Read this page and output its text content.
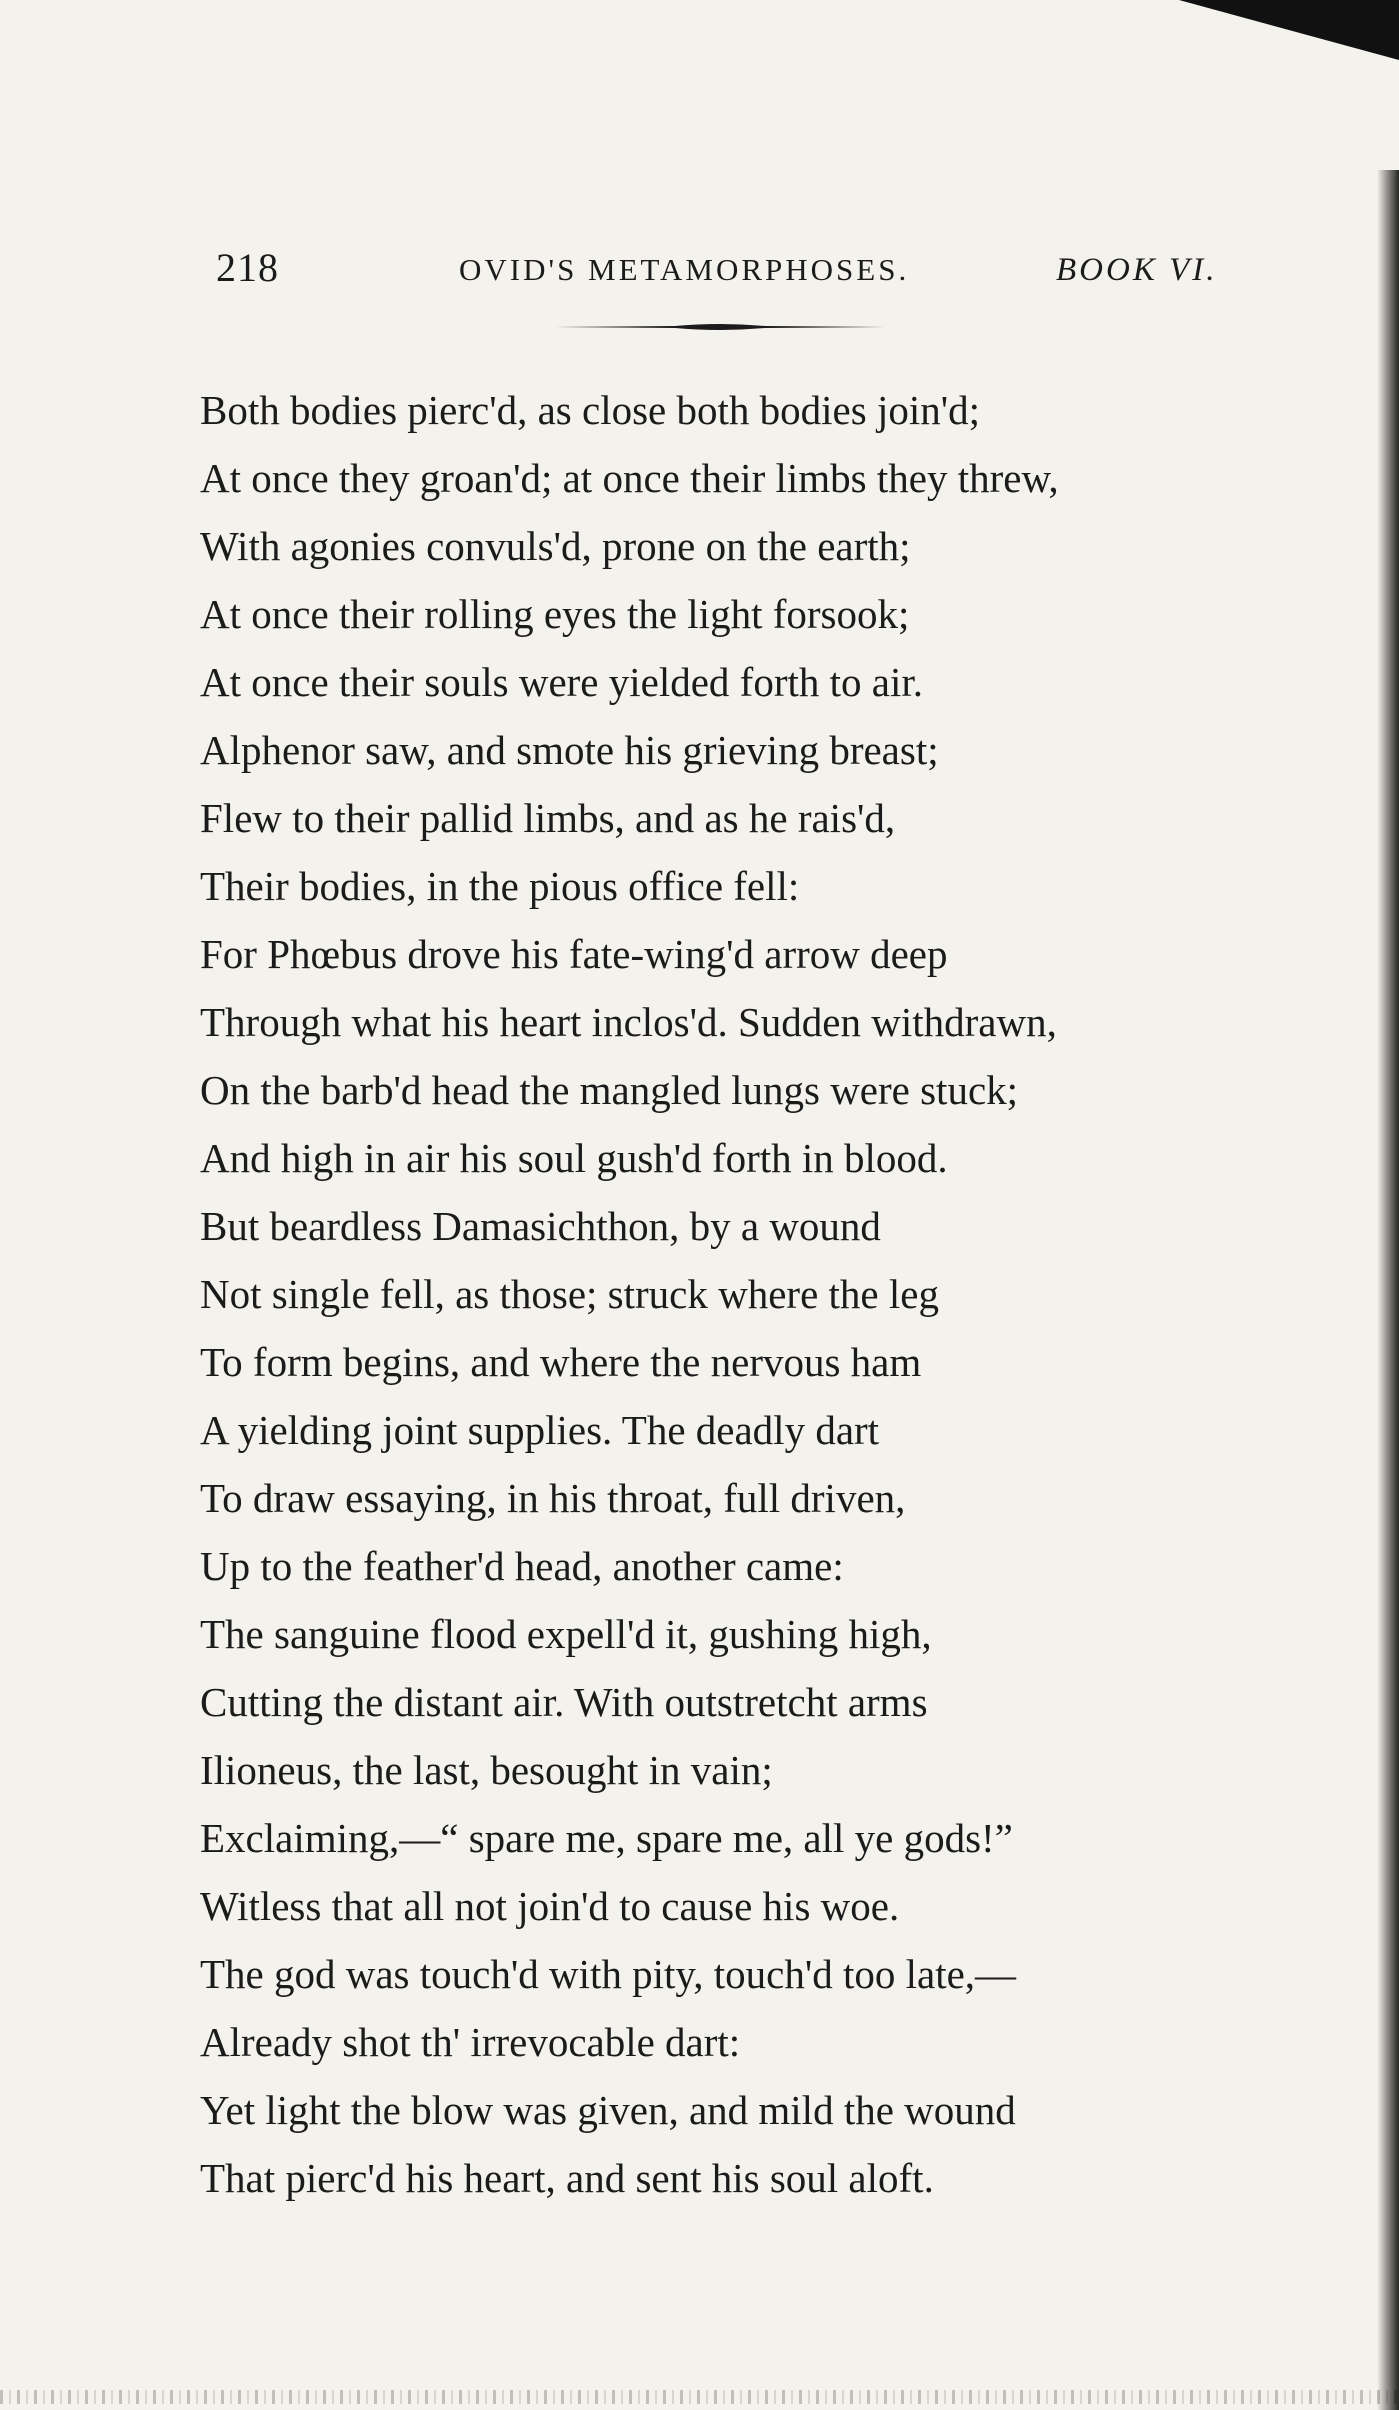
218	OVID'S METAMORPHOSES.	BOOK VI.
Both bodies pierc'd, as close both bodies join'd;
At once they groan'd; at once their limbs they threw,
With agonies convuls'd, prone on the earth;
At once their rolling eyes the light forsook;
At once their souls were yielded forth to air.
Alphenor saw, and smote his grieving breast;
Flew to their pallid limbs, and as he rais'd,
Their bodies, in the pious office fell:
For Phœbus drove his fate-wing'd arrow deep
Through what his heart inclos'd. Sudden withdrawn,
On the barb'd head the mangled lungs were stuck;
And high in air his soul gush'd forth in blood.
But beardless Damasichthon, by a wound
Not single fell, as those; struck where the leg
To form begins, and where the nervous ham
A yielding joint supplies. The deadly dart
To draw essaying, in his throat, full driven,
Up to the feather'd head, another came:
The sanguine flood expell'd it, gushing high,
Cutting the distant air. With outstretcht arms
Ilioneus, the last, besought in vain;
Exclaiming,—“ spare me, spare me, all ye gods!”
Witless that all not join'd to cause his woe.
The god was touch'd with pity, touch'd too late,—
Already shot th' irrevocable dart:
Yet light the blow was given, and mild the wound
That pierc'd his heart, and sent his soul aloft.
